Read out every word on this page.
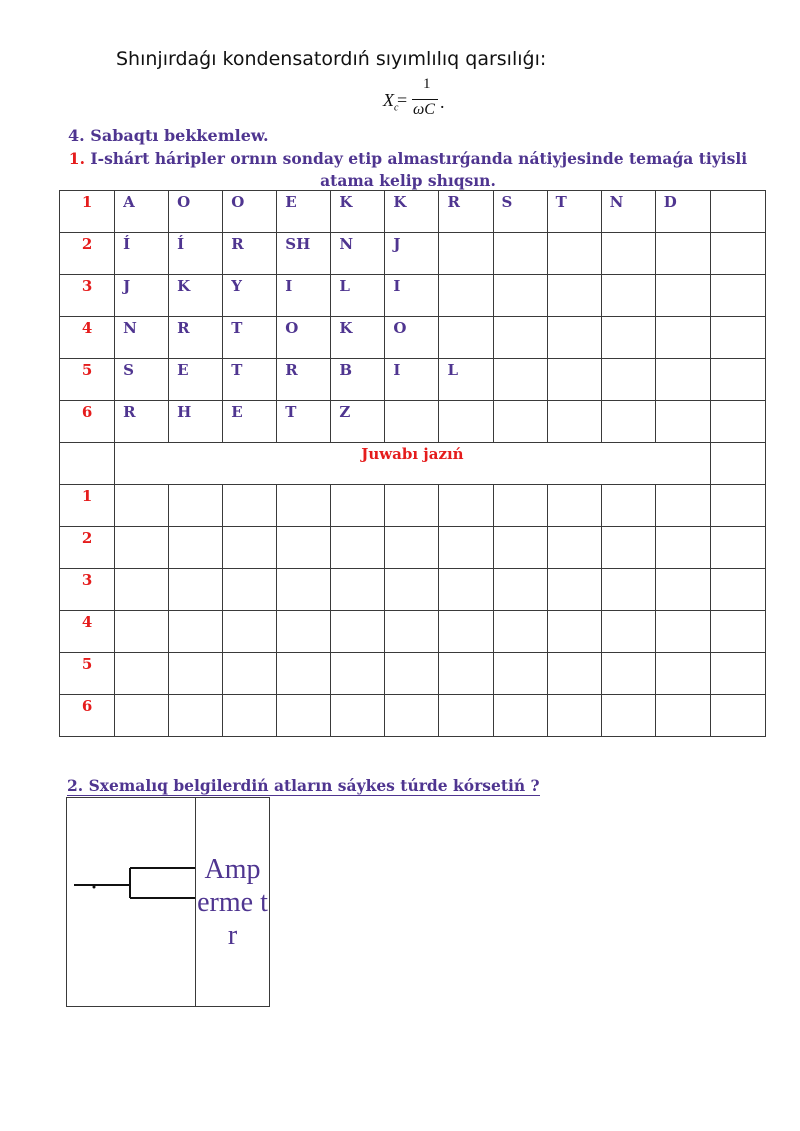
Shınjırdaǵı kondensatordıń sıyımlılıq qarsılıǵı:
$X_c$
=
1
ωC .
4. Sabaqtı bekkemlew.
1. I-shárt háripler ornın sonday etip almastırǵanda nátiyjesinde temaǵa tiyisli atama kelip shıqsın.
1	A	O	O	E	K	K	R	S	T	N	D	
2	Í	Í	R	SH	N	J						
3	J	K	Y	I	L	I						
4	N	R	T	O	K	O						
5	S	E	T	R	B	I	L					
6	R	H	E	T	Z							
	Juwabı jazıń											
1												
2												
3												
4												
5												
6												
2. Sxemalıq belgilerdiń atların sáykes túrde kórsetiń ?
	Amp erme tr
